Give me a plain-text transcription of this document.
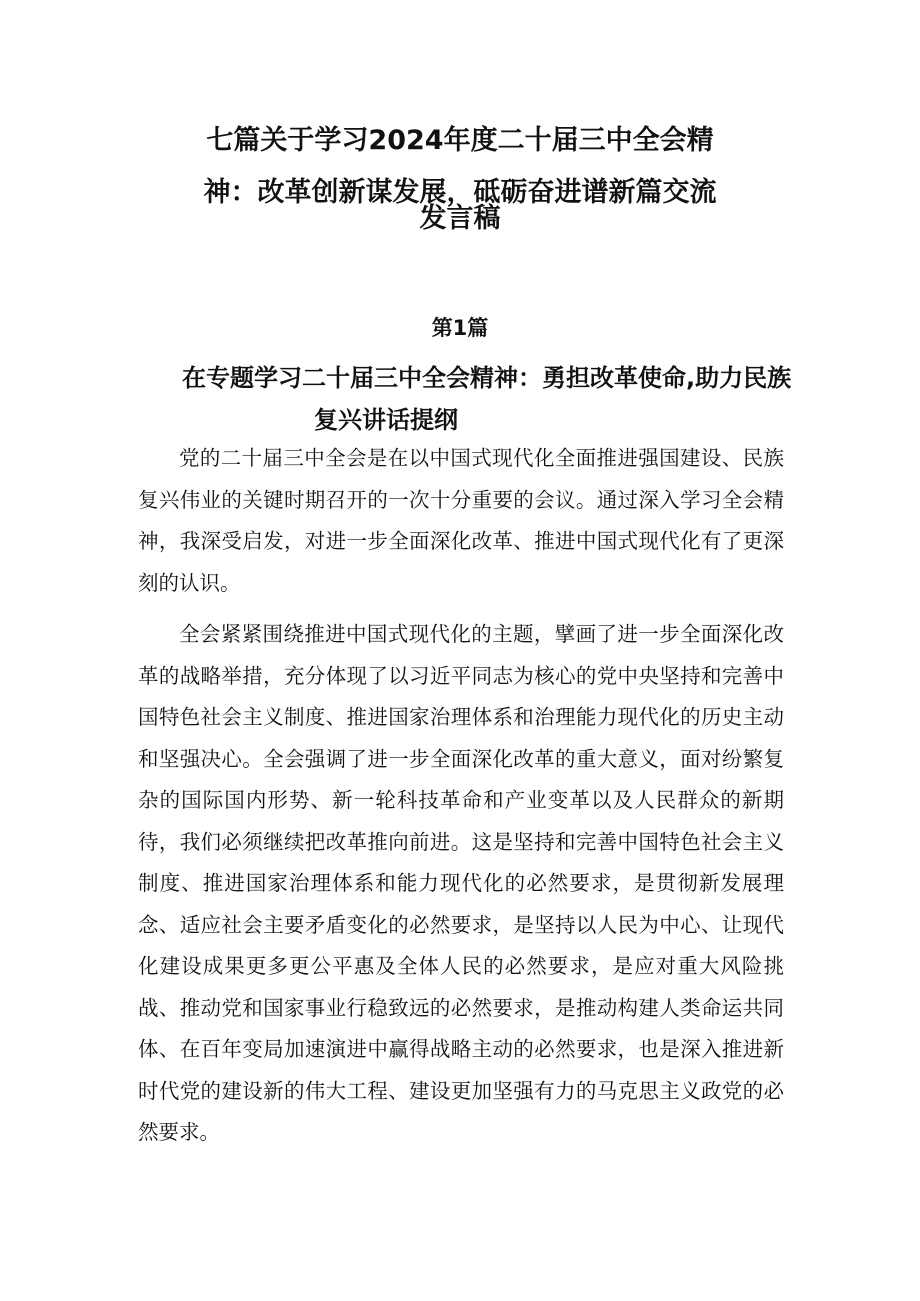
七篇关于学习2024年度二十届三中全会精
神：改革创新谋发展，砥砺奋进谱新篇交流
发言稿
第1篇
在专题学习二十届三中全会精神：勇担改革使命,助力民族
复兴讲话提纲

党的二十届三中全会是在以中国式现代化全面推进强国建设、民族复兴伟业的关键时期召开的一次十分重要的会议。通过深入学习全会精神，我深受启发，对进一步全面深化改革、推进中国式现代化有了更深刻的认识。

全会紧紧围绕推进中国式现代化的主题，擘画了进一步全面深化改革的战略举措，充分体现了以习近平同志为核心的党中央坚持和完善中国特色社会主义制度、推进国家治理体系和治理能力现代化的历史主动和坚强决心。全会强调了进一步全面深化改革的重大意义，面对纷繁复杂的国际国内形势、新一轮科技革命和产业变革以及人民群众的新期待，我们必须继续把改革推向前进。这是坚持和完善中国特色社会主义制度、推进国家治理体系和能力现代化的必然要求，是贯彻新发展理念、适应社会主要矛盾变化的必然要求，是坚持以人民为中心、让现代化建设成果更多更公平惠及全体人民的必然要求，是应对重大风险挑战、推动党和国家事业行稳致远的必然要求，是推动构建人类命运共同体、在百年变局加速演进中赢得战略主动的必然要求，也是深入推进新时代党的建设新的伟大工程、建设更加坚强有力的马克思主义政党的必然要求。
